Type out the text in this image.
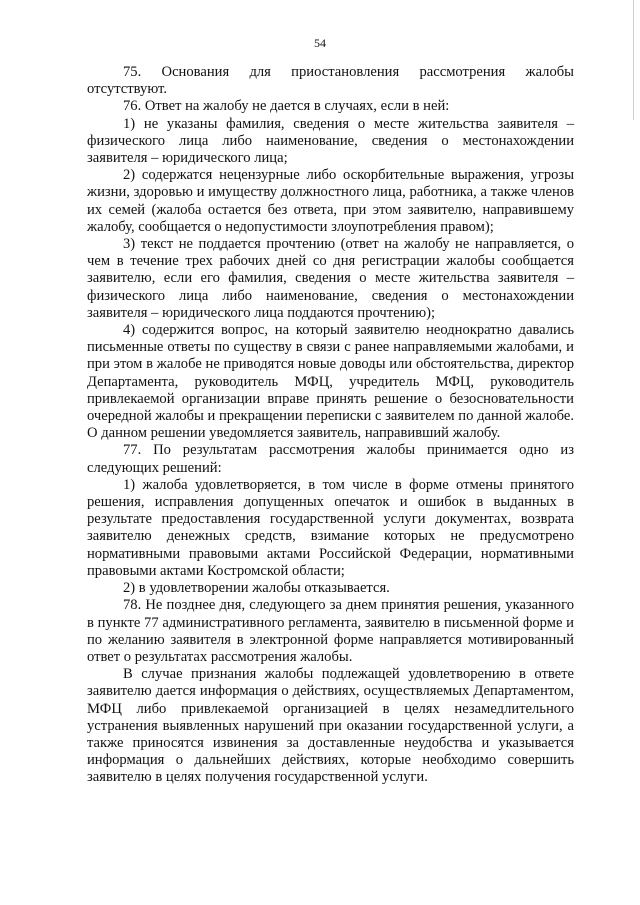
54

75. Основания для приостановления рассмотрения жалобы отсутствуют.

76. Ответ на жалобу не дается в случаях, если в ней:

1) не указаны фамилия, сведения о месте жительства заявителя – физического лица либо наименование, сведения о местонахождении заявителя – юридического лица;

2) содержатся нецензурные либо оскорбительные выражения, угрозы жизни, здоровью и имуществу должностного лица, работника, а также членов их семей (жалоба остается без ответа, при этом заявителю, направившему жалобу, сообщается о недопустимости злоупотребления правом);

3) текст не поддается прочтению (ответ на жалобу не направляется, о чем в течение трех рабочих дней со дня регистрации жалобы сообщается заявителю, если его фамилия, сведения о месте жительства заявителя – физического лица либо наименование, сведения о местонахождении заявителя – юридического лица поддаются прочтению);

4) содержится вопрос, на который заявителю неоднократно давались письменные ответы по существу в связи с ранее направляемыми жалобами, и при этом в жалобе не приводятся новые доводы или обстоятельства, директор Департамента, руководитель МФЦ, учредитель МФЦ, руководитель привлекаемой организации вправе принять решение о безосновательности очередной жалобы и прекращении переписки с заявителем по данной жалобе. О данном решении уведомляется заявитель, направивший жалобу.

77. По результатам рассмотрения жалобы принимается одно из следующих решений:

1) жалоба удовлетворяется, в том числе в форме отмены принятого решения, исправления допущенных опечаток и ошибок в выданных в результате предоставления государственной услуги документах, возврата заявителю денежных средств, взимание которых не предусмотрено нормативными правовыми актами Российской Федерации, нормативными правовыми актами Костромской области;

2) в удовлетворении жалобы отказывается.

78. Не позднее дня, следующего за днем принятия решения, указанного в пункте 77 административного регламента, заявителю в письменной форме и по желанию заявителя в электронной форме направляется мотивированный ответ о результатах рассмотрения жалобы.

В случае признания жалобы подлежащей удовлетворению в ответе заявителю дается информация о действиях, осуществляемых Департаментом, МФЦ либо привлекаемой организацией в целях незамедлительного устранения выявленных нарушений при оказании государственной услуги, а также приносятся извинения за доставленные неудобства и указывается информация о дальнейших действиях, которые необходимо совершить заявителю в целях получения государственной услуги.
